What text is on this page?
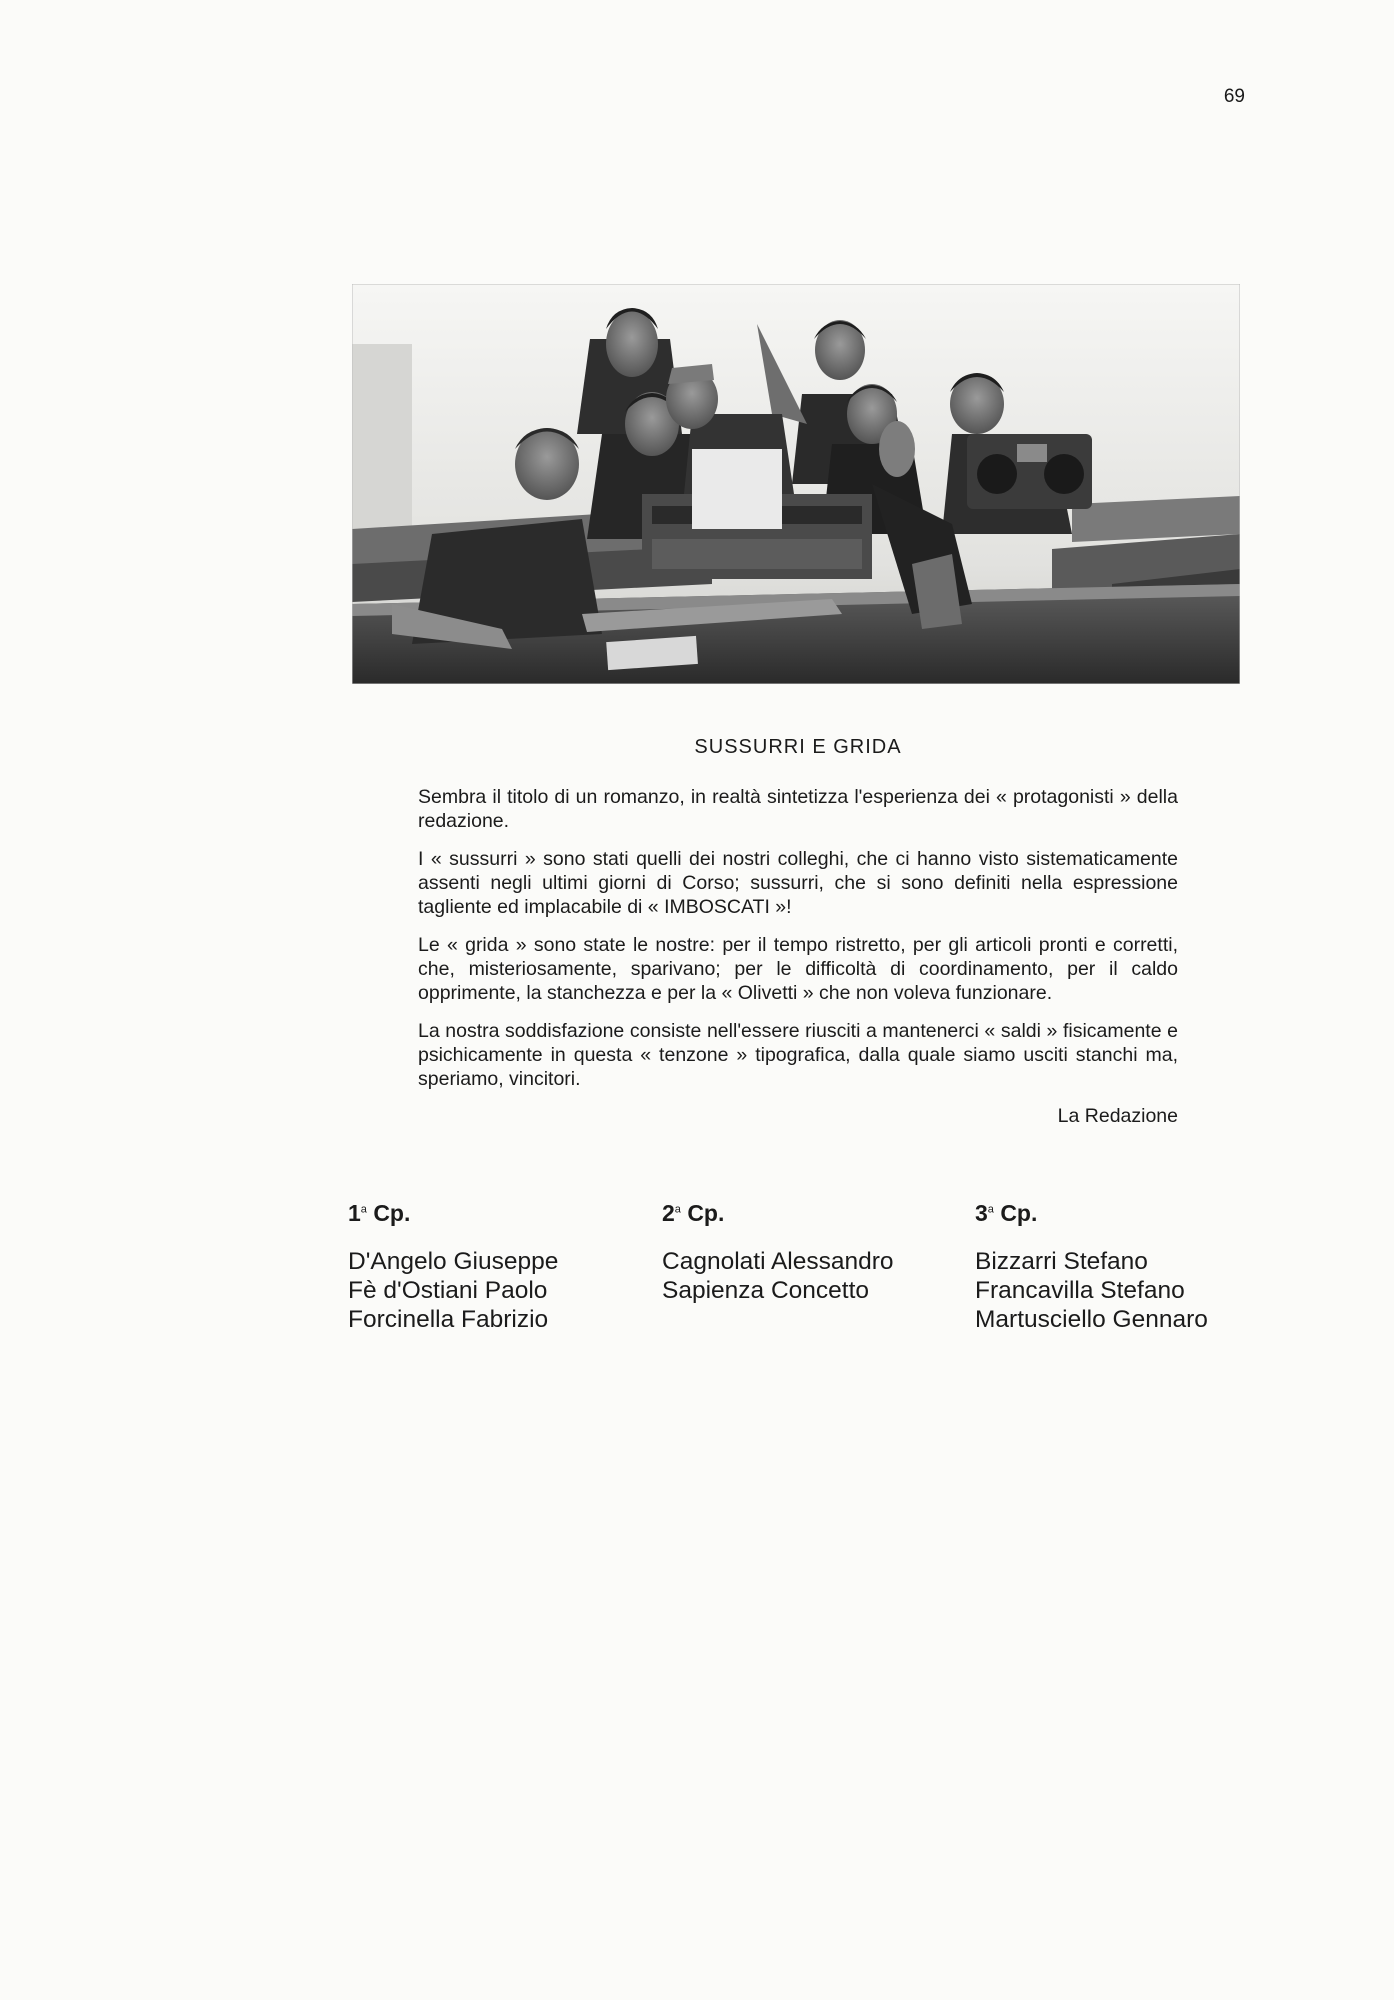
69
SUSSURRI E GRIDA

Sembra il titolo di un romanzo, in realtà sintetizza l'esperienza dei « protagonisti » della redazione.

I « sussurri » sono stati quelli dei nostri colleghi, che ci hanno visto sistematicamente assenti negli ultimi giorni di Corso; sussurri, che si sono definiti nella espressione tagliente ed implacabile di « IMBOSCATI »!

Le « grida » sono state le nostre: per il tempo ristretto, per gli articoli pronti e corretti, che, misteriosamente, sparivano; per le difficoltà di coordinamento, per il caldo opprimente, la stanchezza e per la « Olivetti » che non voleva funzionare.

La nostra soddisfazione consiste nell'essere riusciti a mantenerci « saldi » fisicamente e psichicamente in questa « tenzone » tipografica, dalla quale siamo usciti stanchi ma, speriamo, vincitori.

La Redazione
1$^a$ Cp.
D'Angelo Giuseppe
Fè d'Ostiani Paolo
Forcinella Fabrizio
2$^a$ Cp.
Cagnolati Alessandro
Sapienza Concetto
3$^a$ Cp.
Bizzarri Stefano
Francavilla Stefano
Martusciello Gennaro
